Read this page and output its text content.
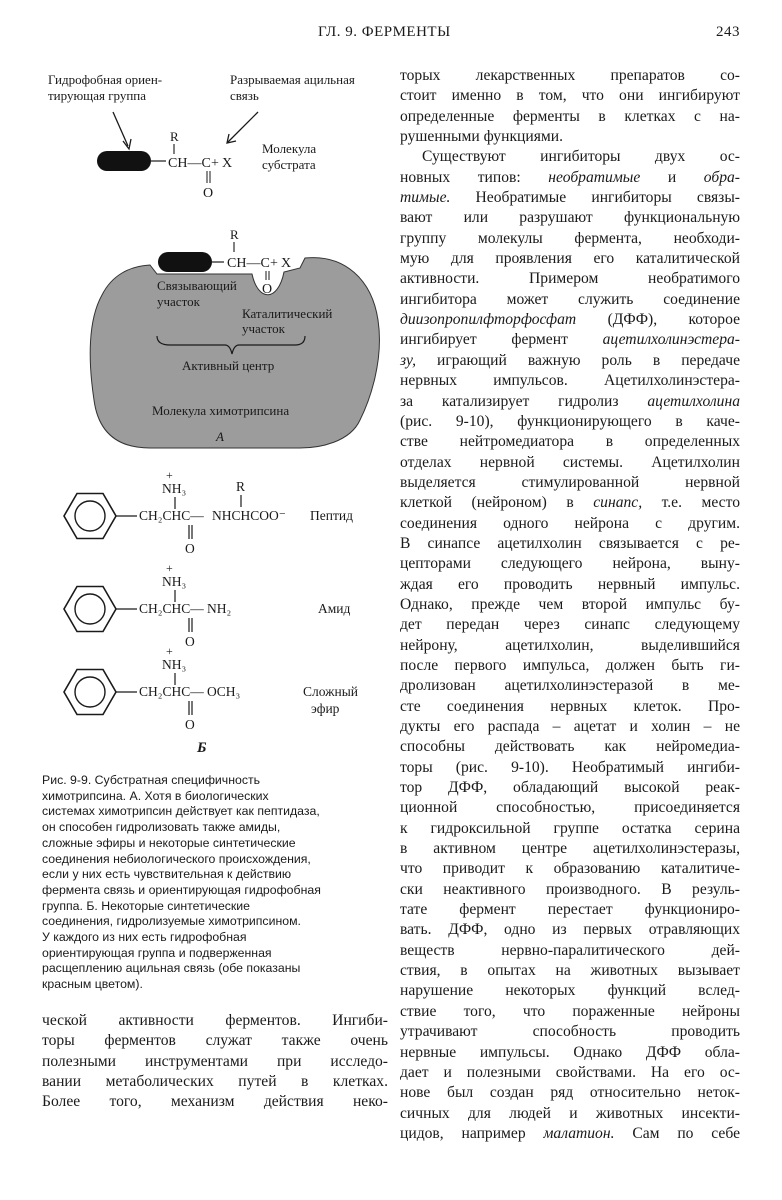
ГЛ. 9. ФЕРМЕНТЫ	243
Гидрофобная ориен-
тирующая группа
Разрываемая ацильная
связь
R
CH—C + X
O
Молекула
субстрата
R
CH—C + X
O
Связывающий
участок
Каталитический
участок
Активный центр
Молекула химотрипсина
А
+
NH₃
CH₂CHC—
O
NHCHCOO⁻
R
Пептид
+
NH₃
CH₂CHC—
O
NH₂	Амид
+
NH₃
CH₂CHC—
O
OCH₃	Сложный
эфир
Б
Рис. 9-9. Субстратная специфичность
химотрипсина. А. Хотя в биологических
системах химотрипсин действует как пептидаза,
он способен гидролизовать также амиды,
сложные эфиры и некоторые синтетические
соединения небиологического происхождения,
если у них есть чувствительная к действию
фермента связь и ориентирующая гидрофобная
группа. Б. Некоторые синтетические
соединения, гидролизуемые химотрипсином.
У каждого из них есть гидрофобная
ориентирующая группа и подверженная
расщеплению ацильная связь (обе показаны
красным цветом).
ческой активности ферментов. Ингиби-
торы ферментов служат также очень
полезными инструментами при исследо-
вании метаболических путей в клетках.
Более того, механизм действия неко-
торых лекарственных препаратов со-
стоит именно в том, что они ингибируют
определенные ферменты в клетках с на-
рушенными функциями.
Существуют ингибиторы двух ос-
новных типов: необратимые и обра-
тимые. Необратимые ингибиторы связы-
вают или разрушают функциональную
группу молекулы фермента, необходи-
мую для проявления его каталитической
активности. Примером необратимого
ингибитора может служить соединение
диизопропилфторфосфат (ДФФ), которое
ингибирует фермент ацетилхолинэстера-
зу, играющий важную роль в передаче
нервных импульсов. Ацетилхолинэстера-
за катализирует гидролиз ацетилхолина
(рис. 9-10), функционирующего в каче-
стве нейтромедиатора в определенных
отделах нервной системы. Ацетилхолин
выделяется стимулированной нервной
клеткой (нейроном) в синапс, т.е. место
соединения одного нейрона с другим.
В синапсе ацетилхолин связывается с ре-
цепторами следующего нейрона, выну-
ждая его проводить нервный импульс.
Однако, прежде чем второй импульс бу-
дет передан через синапс следующему
нейрону, ацетилхолин, выделившийся
после первого импульса, должен быть ги-
дролизован ацетилхолинэстеразой в ме-
сте соединения нервных клеток. Про-
дукты его распада – ацетат и холин – не
способны действовать как нейромедиа-
торы (рис. 9-10). Необратимый ингиби-
тор ДФФ, обладающий высокой реак-
ционной способностью, присоединяется
к гидроксильной группе остатка серина
в активном центре ацетилхолинэстеразы,
что приводит к образованию каталитиче-
ски неактивного производного. В резуль-
тате фермент перестает функциониро-
вать. ДФФ, одно из первых отравляющих
веществ нервно-паралитического дей-
ствия, в опытах на животных вызывает
нарушение некоторых функций вслед-
ствие того, что пораженные нейроны
утрачивают способность проводить
нервные импульсы. Однако ДФФ обла-
дает и полезными свойствами. На его ос-
нове был создан ряд относительно неток-
сичных для людей и животных инсекти-
цидов, например малатион. Сам по себе
